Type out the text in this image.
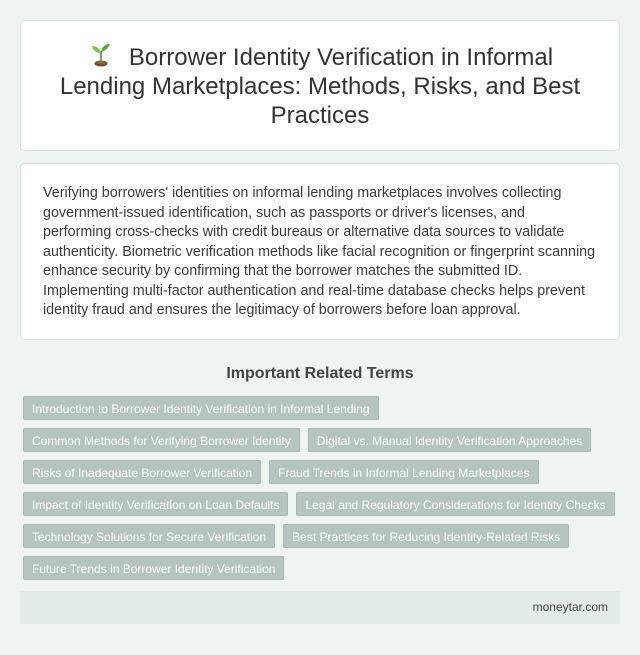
Borrower Identity Verification in Informal Lending Marketplaces: Methods, Risks, and Best Practices

Verifying borrowers' identities on informal lending marketplaces involves collecting government-issued identification, such as passports or driver's licenses, and performing cross-checks with credit bureaus or alternative data sources to validate authenticity. Biometric verification methods like facial recognition or fingerprint scanning enhance security by confirming that the borrower matches the submitted ID. Implementing multi-factor authentication and real-time database checks helps prevent identity fraud and ensures the legitimacy of borrowers before loan approval.

Important Related Terms
Introduction to Borrower Identity Verification in Informal Lending
Common Methods for Verifying Borrower Identity	Digital vs. Manual Identity Verification Approaches
Risks of Inadequate Borrower Verification	Fraud Trends in Informal Lending Marketplaces
Impact of Identity Verification on Loan Defaults	Legal and Regulatory Considerations for Identity Checks
Technology Solutions for Secure Verification	Best Practices for Reducing Identity-Related Risks
Future Trends in Borrower Identity Verification
moneytar.com
